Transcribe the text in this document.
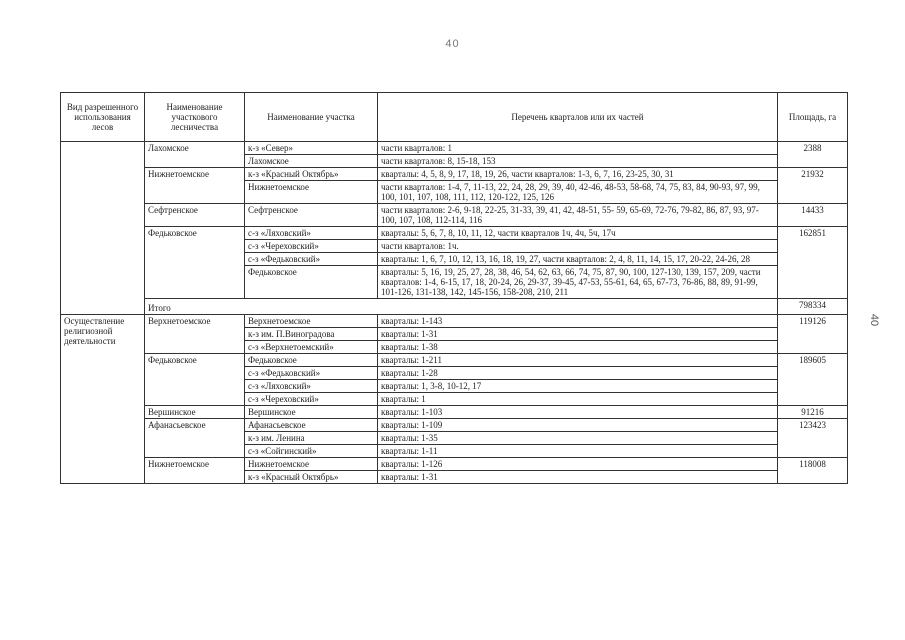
40
40
Вид разрешенного использования лесов	Наименование участкового лесничества	Наименование участка	Перечень кварталов или их частей	Площадь, га
	Лахомское	к-з «Север»	части кварталов: 1	2388
		Лахомское	части кварталов: 8, 15-18, 153	
	Нижнетоемское	к-з «Красный Октябрь»	кварталы: 4, 5, 8, 9, 17, 18, 19, 26, части кварталов: 1-3, 6, 7, 16, 23-25, 30, 31	21932
		Нижнетоемское	части кварталов: 1-4, 7, 11-13, 22, 24, 28, 29, 39, 40, 42-46, 48-53, 58-68, 74, 75, 83, 84, 90-93, 97, 99, 100, 101, 107, 108, 111, 112, 120-122, 125, 126	
	Сефтренское	Сефтренское	части кварталов: 2-6, 9-18, 22-25, 31-33, 39, 41, 42, 48-51, 55- 59, 65-69, 72-76, 79-82, 86, 87, 93, 97-100, 107, 108, 112-114, 116	14433
	Федьковское	с-з «Ляховский»	кварталы: 5, 6, 7, 8, 10, 11, 12, части кварталов 1ч, 4ч, 5ч, 17ч	162851
		с-з «Череховский»	части кварталов: 1ч.	
		с-з «Федьковский»	кварталы: 1, 6, 7, 10, 12, 13, 16, 18, 19, 27, части кварталов: 2, 4, 8, 11, 14, 15, 17, 20-22, 24-26, 28	
		Федьковское	кварталы: 5, 16, 19, 25, 27, 28, 38, 46, 54, 62, 63, 66, 74, 75, 87, 90, 100, 127-130, 139, 157, 209, части кварталов: 1-4, 6-15, 17, 18, 20-24, 26, 29-37, 39-45, 47-53, 55-61, 64, 65, 67-73, 76-86, 88, 89, 91-99, 101-126, 131-138, 142, 145-156, 158-208, 210, 211	
	Итого			798334
Осуществление религиозной деятельности	Верхнетоемское	Верхнетоемское	кварталы: 1-143	119126
		к-з им. П.Виноградова	кварталы: 1-31	
		с-з «Верхнетоемский»	кварталы: 1-38	
	Федьковское	Федьковское	кварталы: 1-211	189605
		с-з «Федьковский»	кварталы: 1-28	
		с-з «Ляховский»	кварталы: 1, 3-8, 10-12, 17	
		с-з «Череховский»	кварталы: 1	
	Вершинское	Вершинское	кварталы: 1-103	91216
	Афанасьевское	Афанасьевское	кварталы: 1-109	123423
		к-з им. Ленина	кварталы: 1-35	
		с-з «Сойгинский»	кварталы: 1-11	
	Нижнетоемское	Нижнетоемское	кварталы: 1-126	118008
		к-з «Красный Октябрь»	кварталы: 1-31	
